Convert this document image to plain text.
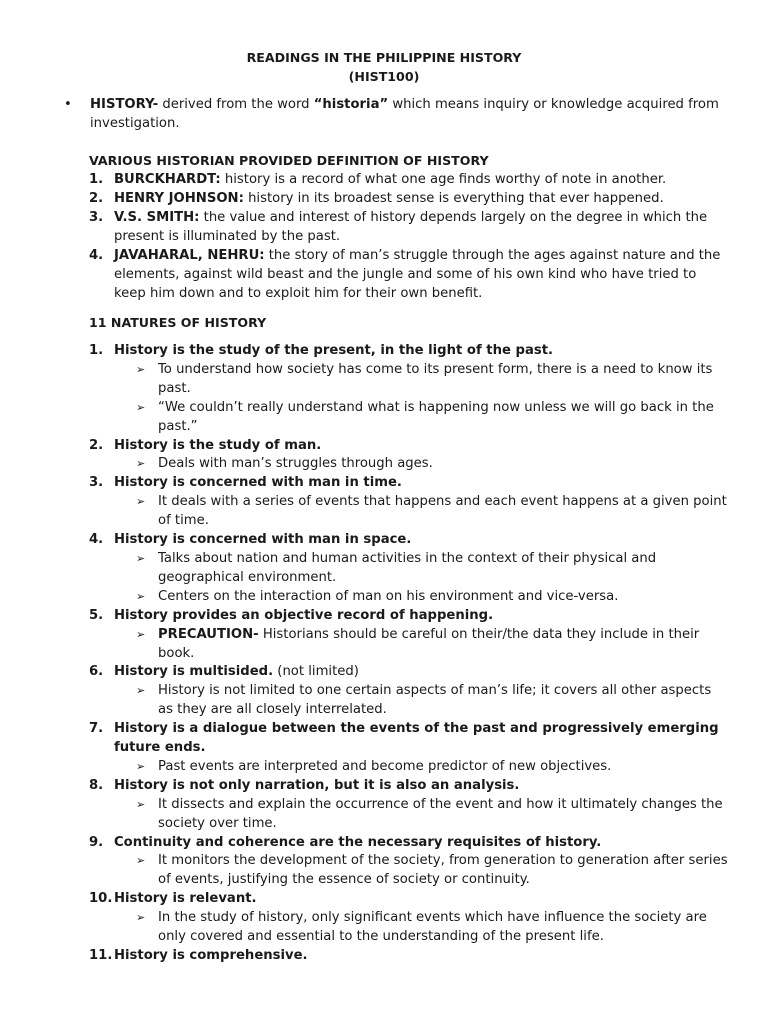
READINGS IN THE PHILIPPINE HISTORY
(HIST100)
• HISTORY- derived from the word “historia” which means inquiry or knowledge acquired from investigation.
VARIOUS HISTORIAN PROVIDED DEFINITION OF HISTORY
1. BURCKHARDT: history is a record of what one age finds worthy of note in another.
2. HENRY JOHNSON: history in its broadest sense is everything that ever happened.
3. V.S. SMITH: the value and interest of history depends largely on the degree in which the present is illuminated by the past.
4. JAVAHARAL, NEHRU: the story of man’s struggle through the ages against nature and the elements, against wild beast and the jungle and some of his own kind who have tried to keep him down and to exploit him for their own benefit.
11 NATURES OF HISTORY
1. History is the study of the present, in the light of the past.
➢ To understand how society has come to its present form, there is a need to know its past.
➢ “We couldn’t really understand what is happening now unless we will go back in the past.”
2. History is the study of man.
➢ Deals with man’s struggles through ages.
3. History is concerned with man in time.
➢ It deals with a series of events that happens and each event happens at a given point of time.
4. History is concerned with man in space.
➢ Talks about nation and human activities in the context of their physical and geographical environment.
➢ Centers on the interaction of man on his environment and vice-versa.
5. History provides an objective record of happening.
➢ PRECAUTION- Historians should be careful on their/the data they include in their book.
6. History is multisided. (not limited)
➢ History is not limited to one certain aspects of man’s life; it covers all other aspects as they are all closely interrelated.
7. History is a dialogue between the events of the past and progressively emerging future ends.
➢ Past events are interpreted and become predictor of new objectives.
8. History is not only narration, but it is also an analysis.
➢ It dissects and explain the occurrence of the event and how it ultimately changes the society over time.
9. Continuity and coherence are the necessary requisites of history.
➢ It monitors the development of the society, from generation to generation after series of events, justifying the essence of society or continuity.
10. History is relevant.
➢ In the study of history, only significant events which have influence the society are only covered and essential to the understanding of the present life.
11. History is comprehensive.
